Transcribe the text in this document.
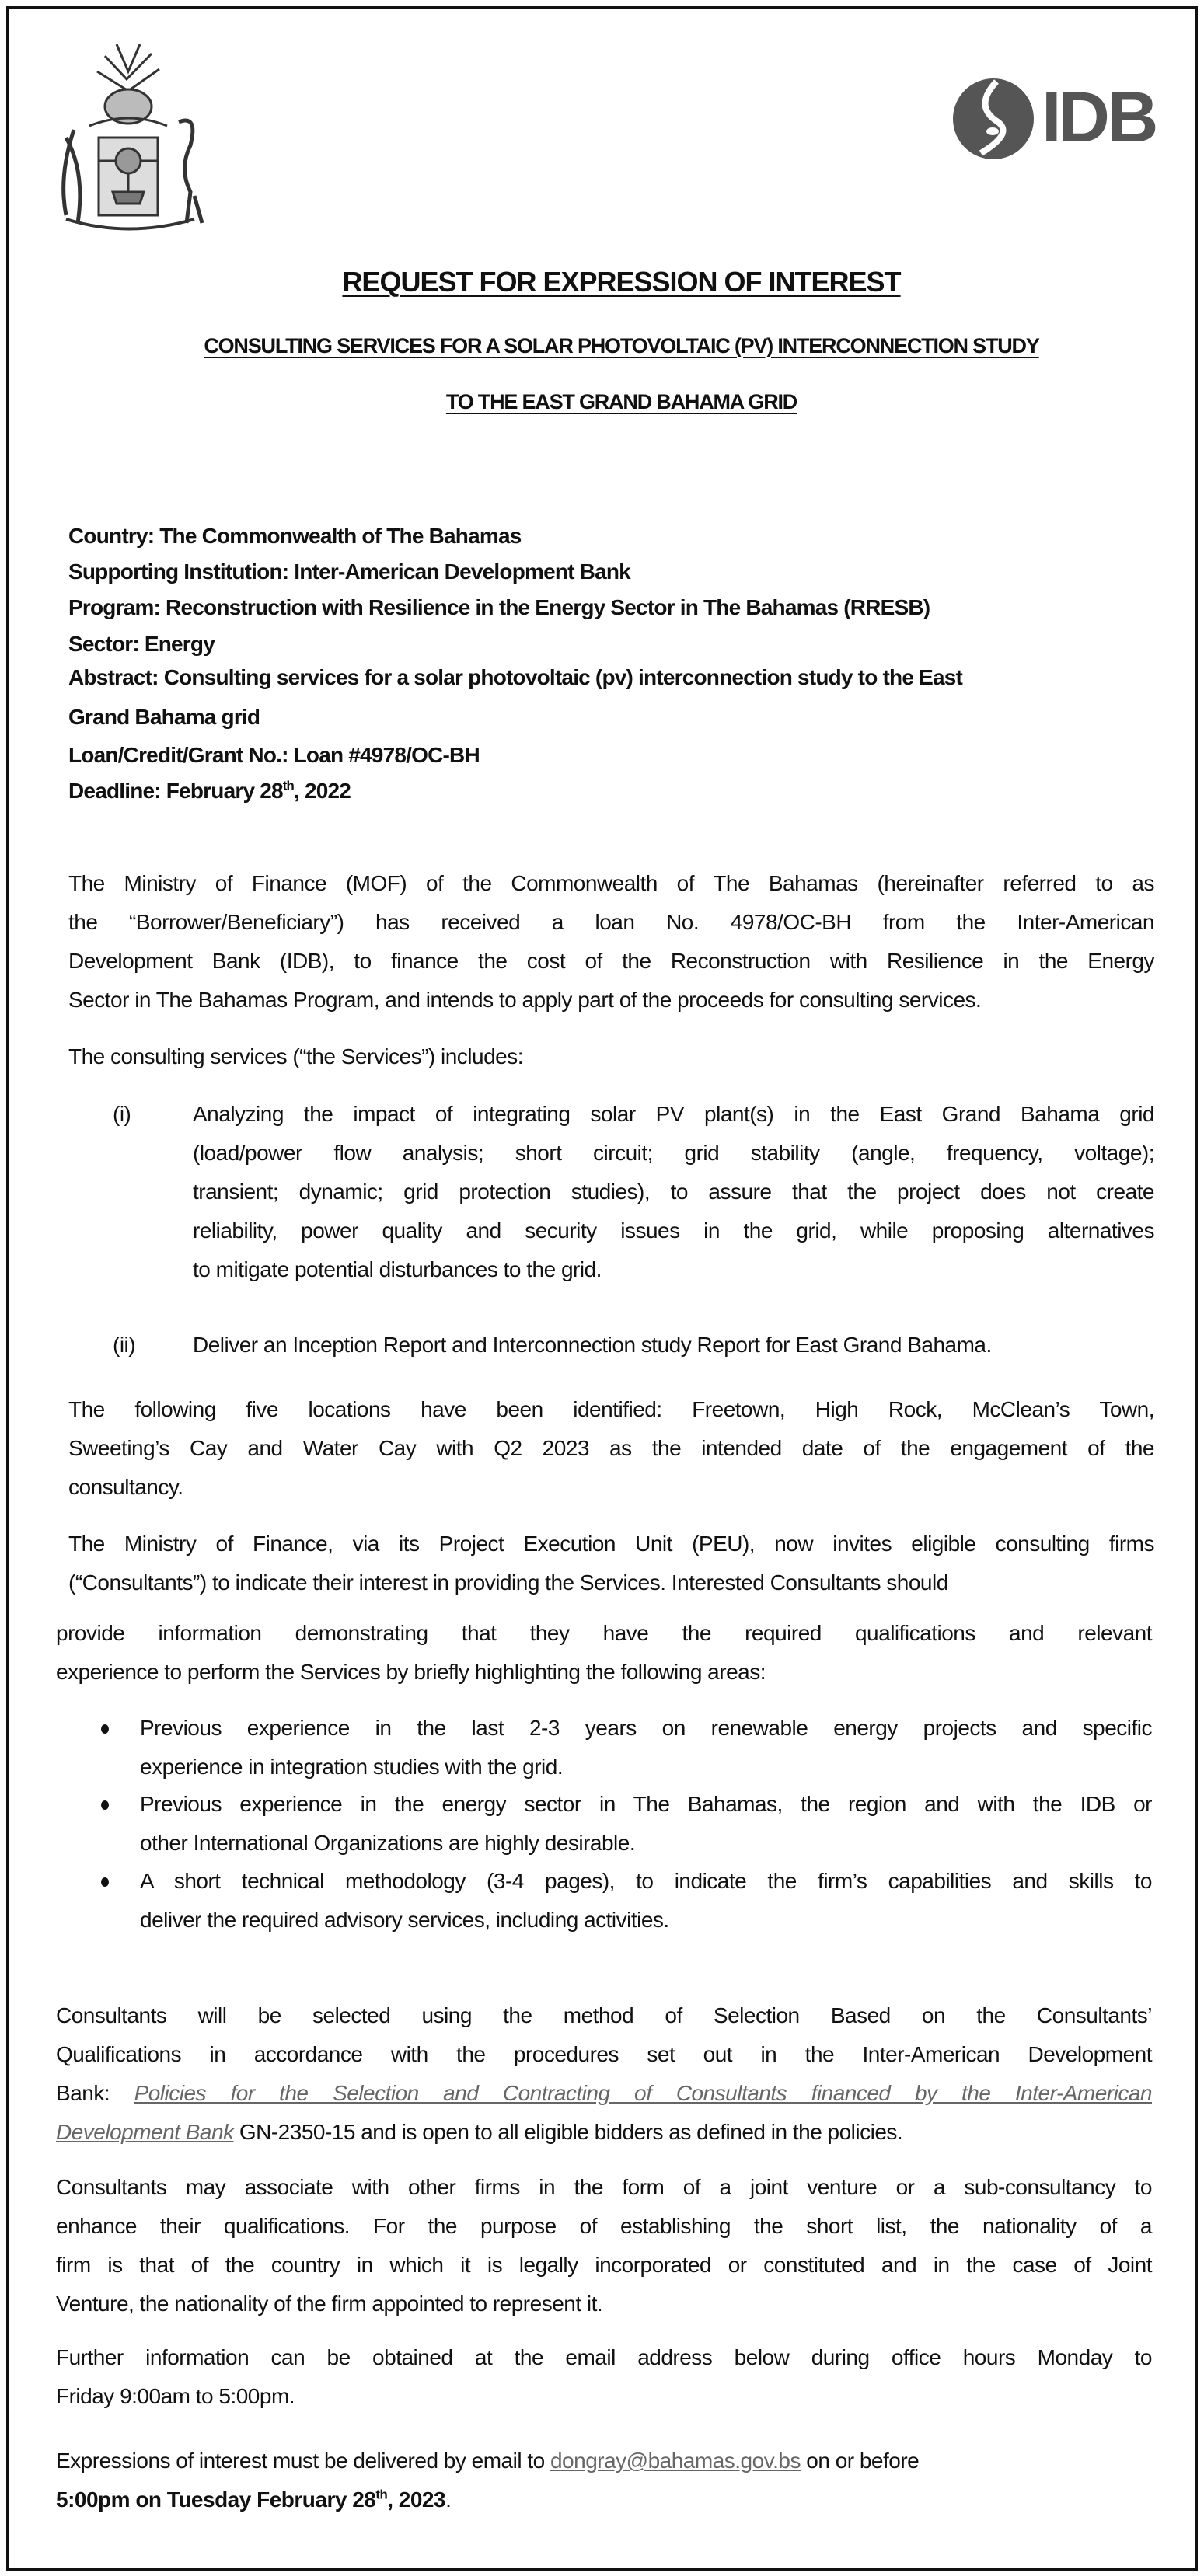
IDB
REQUEST FOR EXPRESSION OF INTEREST
CONSULTING SERVICES FOR A SOLAR PHOTOVOLTAIC (PV) INTERCONNECTION STUDY
TO THE EAST GRAND BAHAMA GRID
Country: The Commonwealth of The Bahamas
Supporting Institution: Inter-American Development Bank
Program: Reconstruction with Resilience in the Energy Sector in The Bahamas (RRESB)
Sector: Energy
Abstract: Consulting services for a solar photovoltaic (pv) interconnection study to the East
Grand Bahama grid
Loan/Credit/Grant No.: Loan #4978/OC-BH
Deadline: February 28th, 2022
The Ministry of Finance (MOF) of the Commonwealth of The Bahamas (hereinafter referred to as
the “Borrower/Beneficiary”) has received a loan No. 4978/OC-BH from the Inter-American
Development Bank (IDB), to finance the cost of the Reconstruction with Resilience in the Energy
Sector in The Bahamas Program, and intends to apply part of the proceeds for consulting services.
The consulting services (“the Services”) includes:
(i)	Analyzing the impact of integrating solar PV plant(s) in the East Grand Bahama grid
(load/power flow analysis; short circuit; grid stability (angle, frequency, voltage);
transient; dynamic; grid protection studies), to assure that the project does not create
reliability, power quality and security issues in the grid, while proposing alternatives
to mitigate potential disturbances to the grid.
(ii)	Deliver an Inception Report and Interconnection study Report for East Grand Bahama.
The following five locations have been identified: Freetown, High Rock, McClean’s Town,
Sweeting’s Cay and Water Cay with Q2 2023 as the intended date of the engagement of the
consultancy.
The Ministry of Finance, via its Project Execution Unit (PEU), now invites eligible consulting firms
(“Consultants”) to indicate their interest in providing the Services. Interested Consultants should
provide information demonstrating that they have the required qualifications and relevant
experience to perform the Services by briefly highlighting the following areas:
Previous experience in the last 2-3 years on renewable energy projects and specific
experience in integration studies with the grid.
Previous experience in the energy sector in The Bahamas, the region and with the IDB or
other International Organizations are highly desirable.
A short technical methodology (3-4 pages), to indicate the firm’s capabilities and skills to
deliver the required advisory services, including activities.
Consultants may associate with other firms in the form of a joint venture or a sub-consultancy to
enhance their qualifications. For the purpose of establishing the short list, the nationality of a
firm is that of the country in which it is legally incorporated or constituted and in the case of Joint
Venture, the nationality of the firm appointed to represent it.
Further information can be obtained at the email address below during office hours Monday to
Friday 9:00am to 5:00pm.
Consultants will be selected using the method of Selection Based on the Consultants’
Qualifications in accordance with the procedures set out in the Inter-American Development
Bank: Policies for the Selection and Contracting of Consultants financed by the Inter-American
Development Bank GN-2350-15 and is open to all eligible bidders as defined in the policies.
Expressions of interest must be delivered by email to dongray@bahamas.gov.bs on or before
5:00pm on Tuesday February 28th, 2023.
